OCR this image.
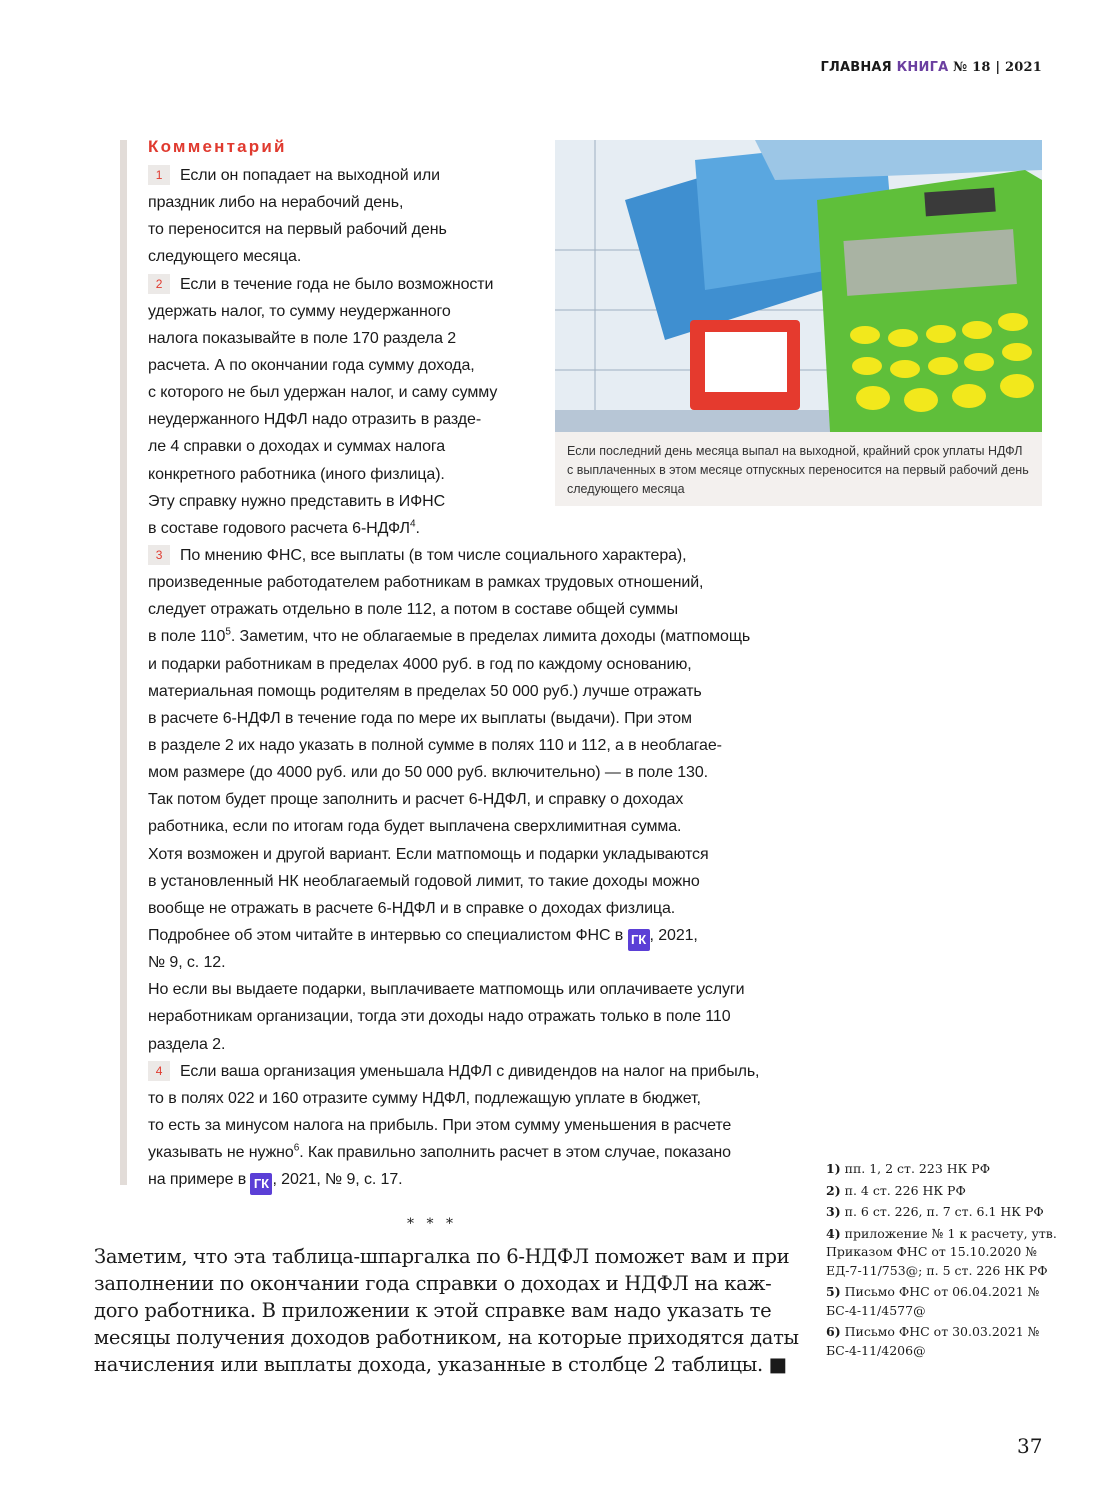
ГЛАВНАЯ КНИГА № 18 | 2021
Комментарий
1 Если он попадает на выходной или
праздник либо на нерабочий день,
то переносится на первый рабочий день
следующего месяца.
2 Если в течение года не было возможности
удержать налог, то сумму неудержанного
налога показывайте в поле 170 раздела 2
расчета. А по окончании года сумму дохода,
с которого не был удержан налог, и саму сумму
неудержанного НДФЛ надо отразить в разде-
ле 4 справки о доходах и суммах налога
конкретного работника (иного физлица).
Эту справку нужно представить в ИФНС
в составе годового расчета 6-НДФЛ$^4$.
3 По мнению ФНС, все выплаты (в том числе социального характера),
произведенные работодателем работникам в рамках трудовых отношений,
следует отражать отдельно в поле 112, а потом в составе общей суммы
в поле $110^5$. Заметим, что не облагаемые в пределах лимита доходы (матпомощь
и подарки работникам в пределах 4000 руб. в год по каждому основанию,
материальная помощь родителям в пределах 50 000 руб.) лучше отражать
в расчете 6-НДФЛ в течение года по мере их выплаты (выдачи). При этом
в разделе 2 их надо указать в полной сумме в полях 110 и 112, а в необлагае-
мом размере (до 4000 руб. или до 50 000 руб. включительно) — в поле 130.
Так потом будет проще заполнить и расчет 6-НДФЛ, и справку о доходах
работника, если по итогам года будет выплачена сверхлимитная сумма.
Хотя возможен и другой вариант. Если матпомощь и подарки укладываются
в установленный НК необлагаемый годовой лимит, то такие доходы можно
вообще не отражать в расчете 6-НДФЛ и в справке о доходах физлица.
Подробнее об этом читайте в интервью со специалистом ФНС в ГК , 2021,
№ 9, с. 12.
Но если вы выдаете подарки, выплачиваете матпомощь или оплачиваете услуги
неработникам организации, тогда эти доходы надо отражать только в поле 110
раздела 2.
4 Если ваша организация уменьшала НДФЛ с дивидендов на налог на прибыль,
то в полях 022 и 160 отразите сумму НДФЛ, подлежащую уплате в бюджет,
то есть за минусом налога на прибыль. При этом сумму уменьшения в расчете
указывать не нужно$^6$. Как правильно заполнить расчет в этом случае, показано
на примере в ГК , 2021, № 9, с. 17.
Если последний день месяца выпал на выходной, крайний срок уплаты НДФЛ с выплаченных в этом месяце отпускных переносится на первый рабочий день следующего месяца
* * *
Заметим, что эта таблица-шпаргалка по 6-НДФЛ поможет вам и при
заполнении по окончании года справки о доходах и НДФЛ на каж-
дого работника. В приложении к этой справке вам надо указать те
месяцы получения доходов работником, на которые приходятся даты
начисления или выплаты дохода, указанные в столбце 2 таблицы. ■
1) пп. 1, 2 ст. 223 НК РФ
2) п. 4 ст. 226 НК РФ
3) п. 6 ст. 226, п. 7 ст. 6.1 НК РФ
4) приложение № 1 к расчету, утв. Приказом ФНС от 15.10.2020 № ЕД-7-11/753@; п. 5 ст. 226 НК РФ
5) Письмо ФНС от 06.04.2021 № БС-4-11/4577@
6) Письмо ФНС от 30.03.2021 № БС-4-11/4206@
37
